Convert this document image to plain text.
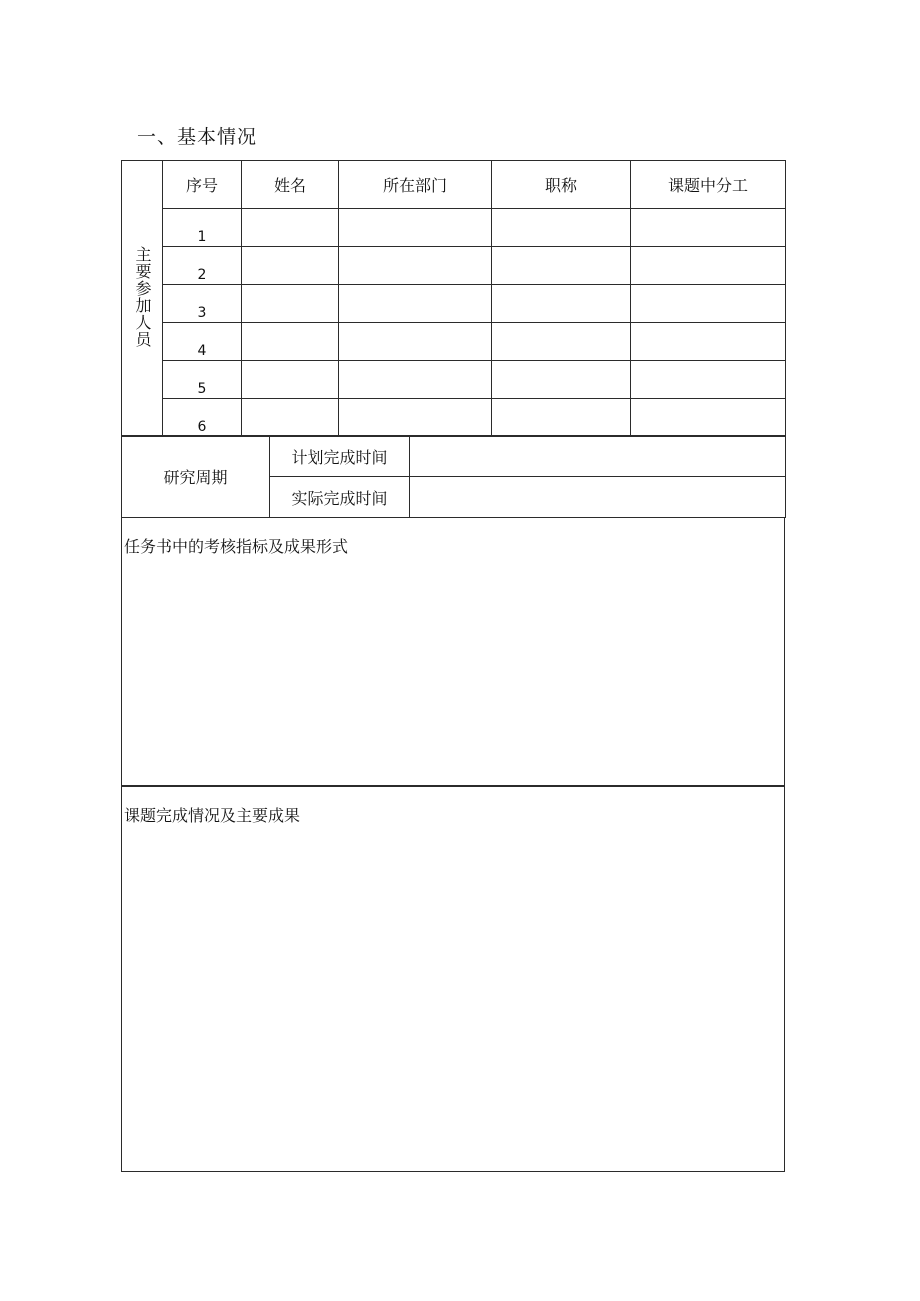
一、基本情况
主要参加人员	序号	姓名	所在部门	职称	课题中分工
	1				
	2				
	3				
	4				
	5				
	6				
研究周期	计划完成时间	
	实际完成时间	
任务书中的考核指标及成果形式
课题完成情况及主要成果
